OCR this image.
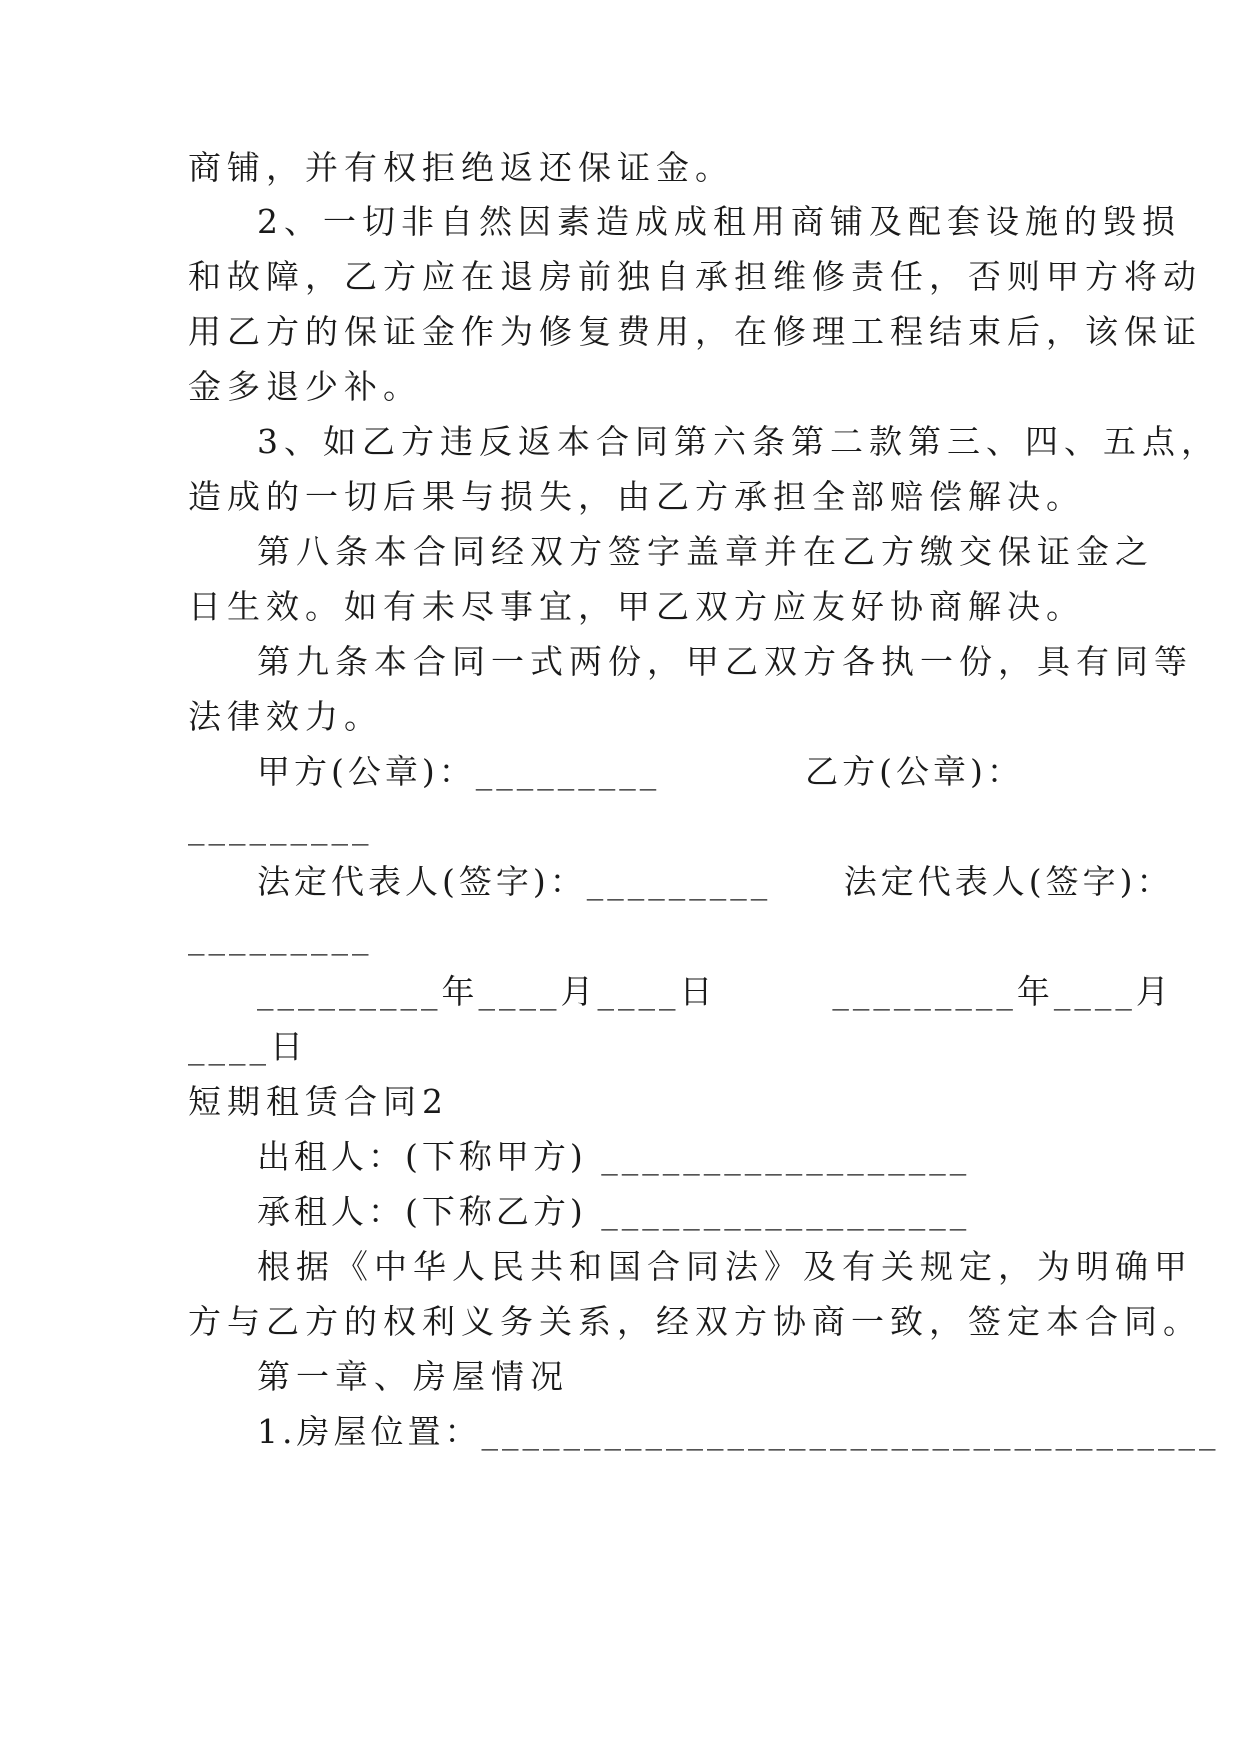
商铺，并有权拒绝返还保证金。

2、一切非自然因素造成成租用商铺及配套设施的毁损

和故障，乙方应在退房前独自承担维修责任，否则甲方将动

用乙方的保证金作为修复费用，在修理工程结束后，该保证

金多退少补。

3、如乙方违反返本合同第六条第二款第三、四、五点，

造成的一切后果与损失，由乙方承担全部赔偿解决。

第八条本合同经双方签字盖章并在乙方缴交保证金之

日生效。如有未尽事宜，甲乙双方应友好协商解决。

第九条本合同一式两份，甲乙双方各执一份，具有同等

法律效力。

甲方(公章)：_________          乙方(公章)：

_________

法定代表人(签字)：_________     法定代表人(签字)：

_________

_________年____月____日        _________年____月

____日

短期租赁合同2

出租人：(下称甲方) __________________

承租人：(下称乙方) __________________

根据《中华人民共和国合同法》及有关规定，为明确甲

方与乙方的权利义务关系，经双方协商一致，签定本合同。

第一章、房屋情况

1.房屋位置：____________________________________
